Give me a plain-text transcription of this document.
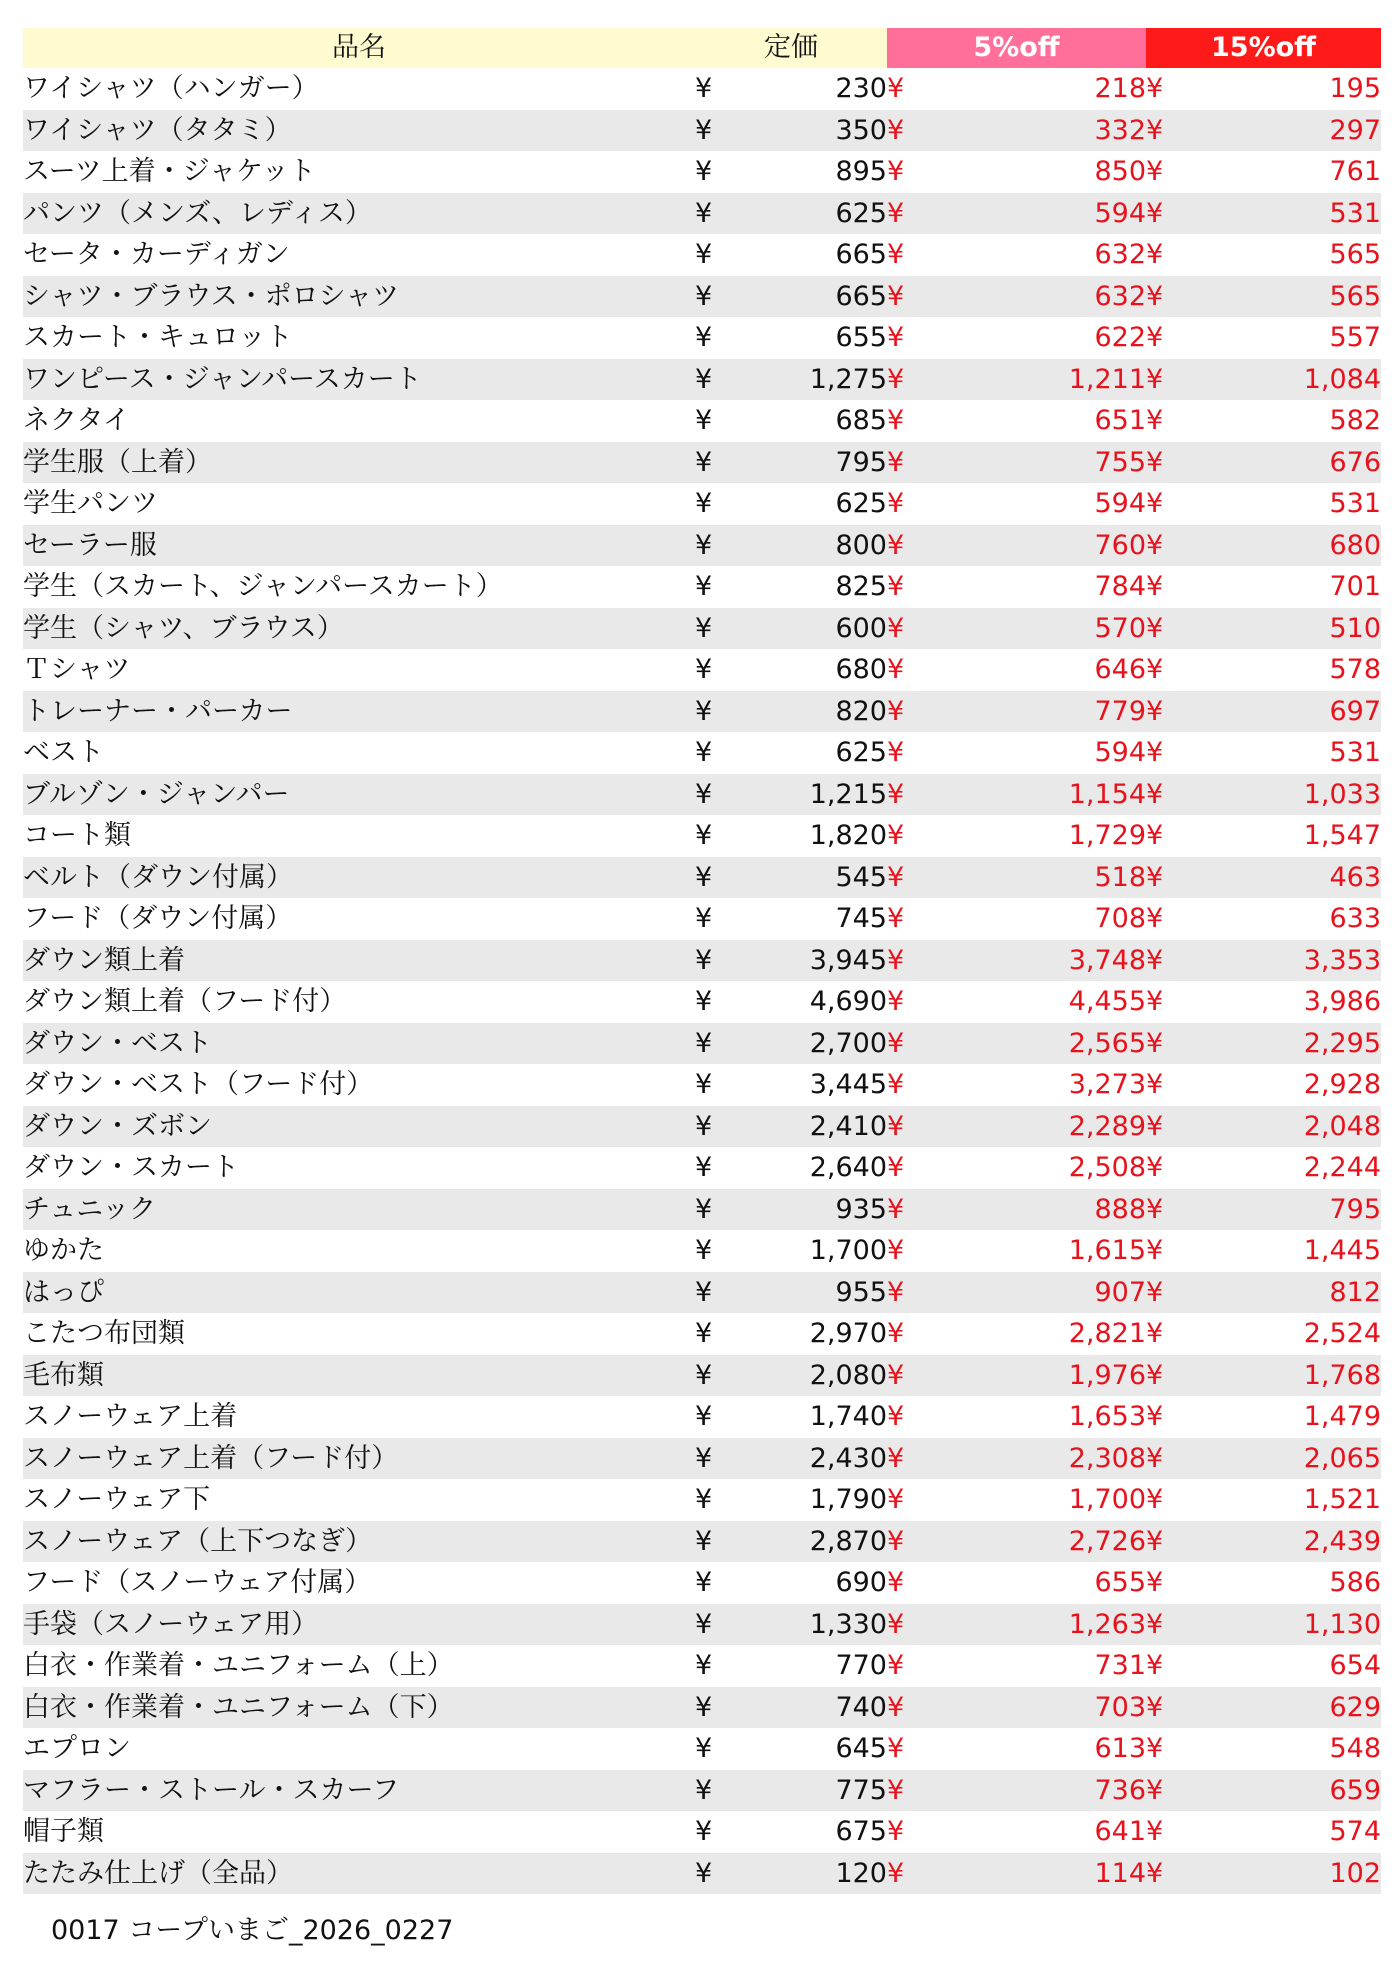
品名	定価		5%off		15%off	
ワイシャツ（ハンガー）	¥	230	¥	218	¥	195
ワイシャツ（タタミ）	¥	350	¥	332	¥	297
スーツ上着・ジャケット	¥	895	¥	850	¥	761
パンツ（メンズ、レディス）	¥	625	¥	594	¥	531
セータ・カーディガン	¥	665	¥	632	¥	565
シャツ・ブラウス・ポロシャツ	¥	665	¥	632	¥	565
スカート・キュロット	¥	655	¥	622	¥	557
ワンピース・ジャンパースカート	¥	1,275	¥	1,211	¥	1,084
ネクタイ	¥	685	¥	651	¥	582
学生服（上着）	¥	795	¥	755	¥	676
学生パンツ	¥	625	¥	594	¥	531
セーラー服	¥	800	¥	760	¥	680
学生（スカート、ジャンパースカート）	¥	825	¥	784	¥	701
学生（シャツ、ブラウス）	¥	600	¥	570	¥	510
Ｔシャツ	¥	680	¥	646	¥	578
トレーナー・パーカー	¥	820	¥	779	¥	697
ベスト	¥	625	¥	594	¥	531
ブルゾン・ジャンパー	¥	1,215	¥	1,154	¥	1,033
コート類	¥	1,820	¥	1,729	¥	1,547
ベルト（ダウン付属）	¥	545	¥	518	¥	463
フード（ダウン付属）	¥	745	¥	708	¥	633
ダウン類上着	¥	3,945	¥	3,748	¥	3,353
ダウン類上着（フード付）	¥	4,690	¥	4,455	¥	3,986
ダウン・ベスト	¥	2,700	¥	2,565	¥	2,295
ダウン・ベスト（フード付）	¥	3,445	¥	3,273	¥	2,928
ダウン・ズボン	¥	2,410	¥	2,289	¥	2,048
ダウン・スカート	¥	2,640	¥	2,508	¥	2,244
チュニック	¥	935	¥	888	¥	795
ゆかた	¥	1,700	¥	1,615	¥	1,445
はっぴ	¥	955	¥	907	¥	812
こたつ布団類	¥	2,970	¥	2,821	¥	2,524
毛布類	¥	2,080	¥	1,976	¥	1,768
スノーウェア上着	¥	1,740	¥	1,653	¥	1,479
スノーウェア上着（フード付）	¥	2,430	¥	2,308	¥	2,065
スノーウェア下	¥	1,790	¥	1,700	¥	1,521
スノーウェア（上下つなぎ）	¥	2,870	¥	2,726	¥	2,439
フード（スノーウェア付属）	¥	690	¥	655	¥	586
手袋（スノーウェア用）	¥	1,330	¥	1,263	¥	1,130
白衣・作業着・ユニフォーム（上）	¥	770	¥	731	¥	654
白衣・作業着・ユニフォーム（下）	¥	740	¥	703	¥	629
エプロン	¥	645	¥	613	¥	548
マフラー・ストール・スカーフ	¥	775	¥	736	¥	659
帽子類	¥	675	¥	641	¥	574
たたみ仕上げ（全品）	¥	120	¥	114	¥	102
0017 コープいまご_2026_0227
